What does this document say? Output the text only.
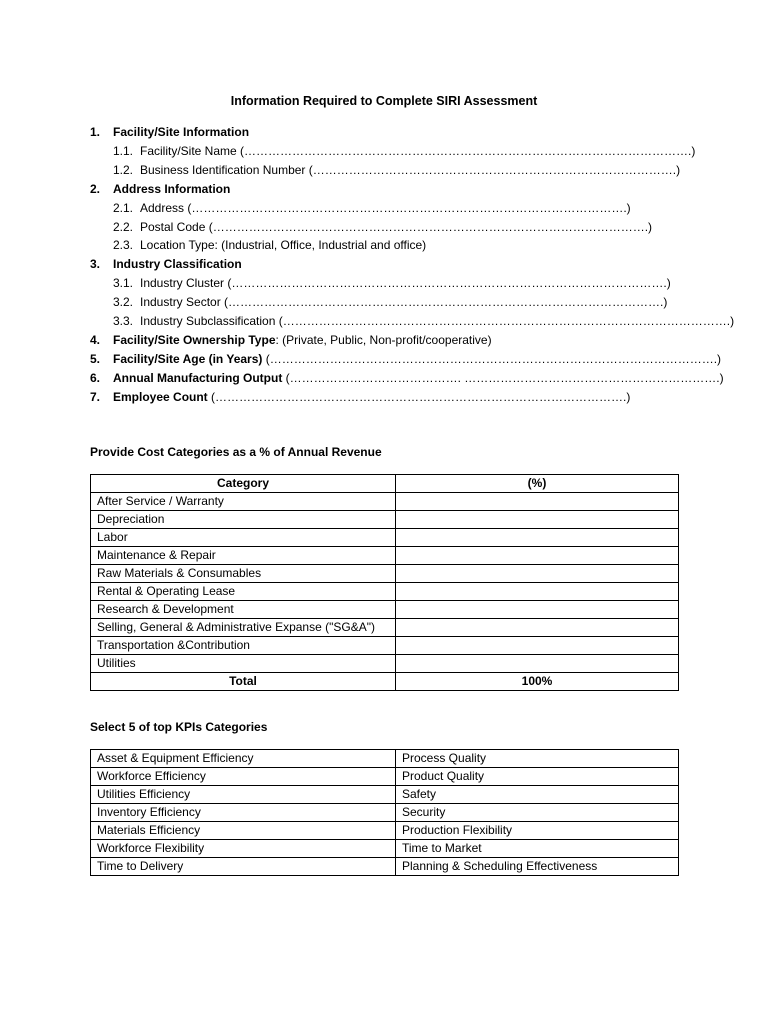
Information Required to Complete SIRI Assessment
1. Facility/Site Information
1.1. Facility/Site Name (………………………………………………………………………………………………….)
1.2. Business Identification Number (……………………………………………………………………………….)
2. Address Information
2.1. Address (……………………………………………………………………………………………….)
2.2. Postal Code (……………………………………………………………………………………………….)
2.3. Location Type: (Industrial, Office, Industrial and office)
3. Industry Classification
3.1. Industry Cluster (……………………………………………………………………………………………….)
3.2. Industry Sector (……………………………………………………………………………………………….)
3.3. Industry Subclassification (………………………………………………………………………………………………….)
4. Facility/Site Ownership Type: (Private, Public, Non-profit/cooperative)
5. Facility/Site Age (in Years) (………………………………………………………………………………………………….)
6. Annual Manufacturing Output (……………………………………. ……………………………………………………….)
7. Employee Count (………………………………………………………………………………………….)
Provide Cost Categories as a % of Annual Revenue
Category	(%)
After Service / Warranty	
Depreciation	
Labor	
Maintenance & Repair	
Raw Materials & Consumables	
Rental & Operating Lease	
Research & Development	
Selling, General & Administrative Expanse ("SG&A")	
Transportation &Contribution	
Utilities	
Total	100%
Select 5 of top KPIs Categories
Asset & Equipment Efficiency	Process Quality
Workforce Efficiency	Product Quality
Utilities Efficiency	Safety
Inventory Efficiency	Security
Materials Efficiency	Production Flexibility
Workforce Flexibility	Time to Market
Time to Delivery	Planning & Scheduling Effectiveness
